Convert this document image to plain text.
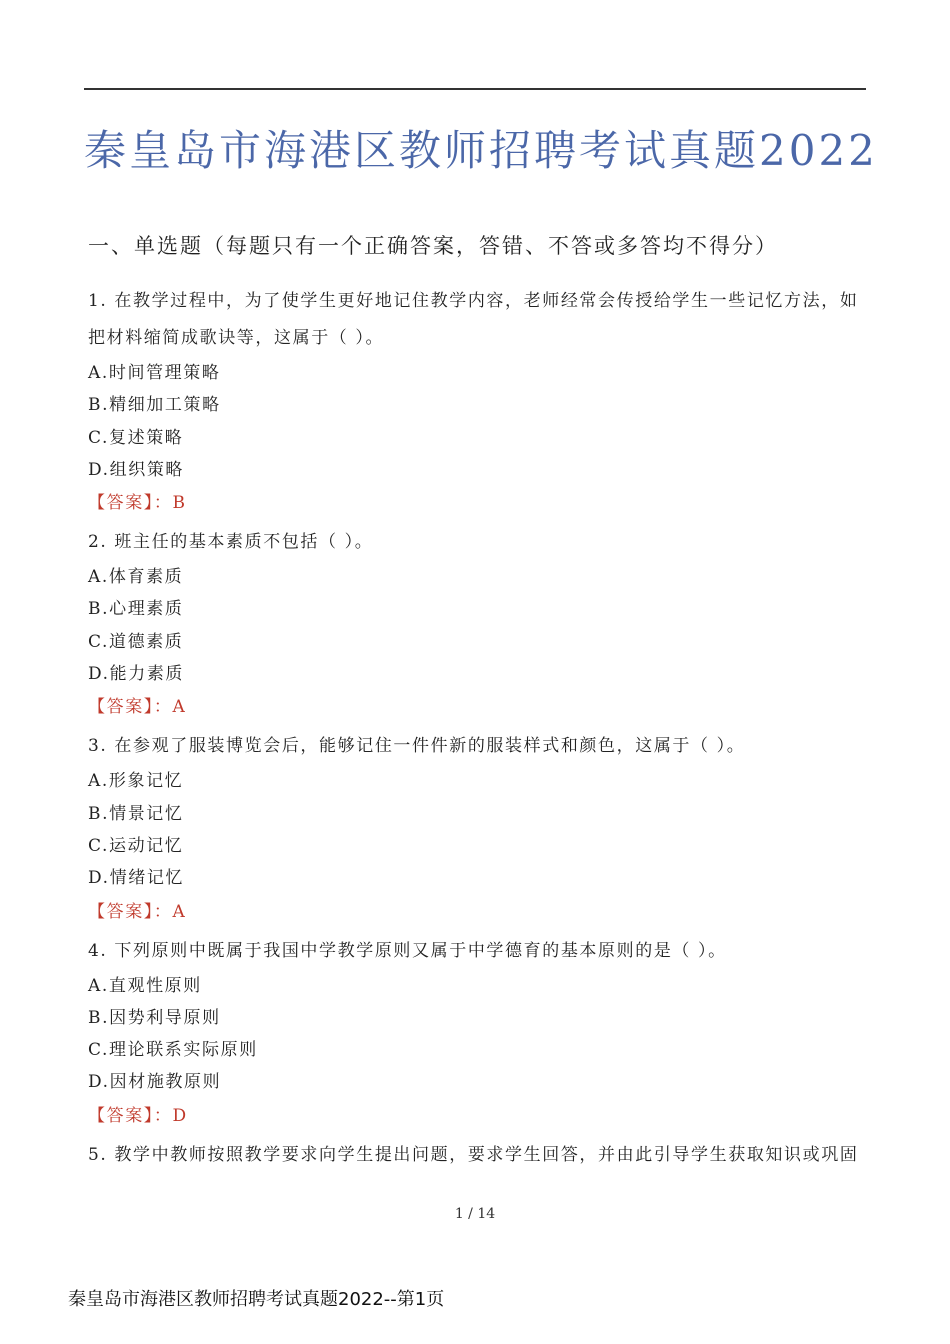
秦皇岛市海港区教师招聘考试真题2022
一、单选题（每题只有一个正确答案，答错、不答或多答均不得分）
1. 在教学过程中，为了使学生更好地记住教学内容，老师经常会传授给学生一些记忆方法，如把材料缩简成歌诀等，这属于（ ）。
A.时间管理策略
B.精细加工策略
C.复述策略
D.组织策略
【答案】：B
2. 班主任的基本素质不包括（ ）。
A.体育素质
B.心理素质
C.道德素质
D.能力素质
【答案】：A
3. 在参观了服装博览会后，能够记住一件件新的服装样式和颜色，这属于（ ）。
A.形象记忆
B.情景记忆
C.运动记忆
D.情绪记忆
【答案】：A
4. 下列原则中既属于我国中学教学原则又属于中学德育的基本原则的是（ ）。
A.直观性原则
B.因势利导原则
C.理论联系实际原则
D.因材施教原则
【答案】：D
5. 教学中教师按照教学要求向学生提出问题，要求学生回答，并由此引导学生获取知识或巩固
1 / 14
秦皇岛市海港区教师招聘考试真题2022--第1页
